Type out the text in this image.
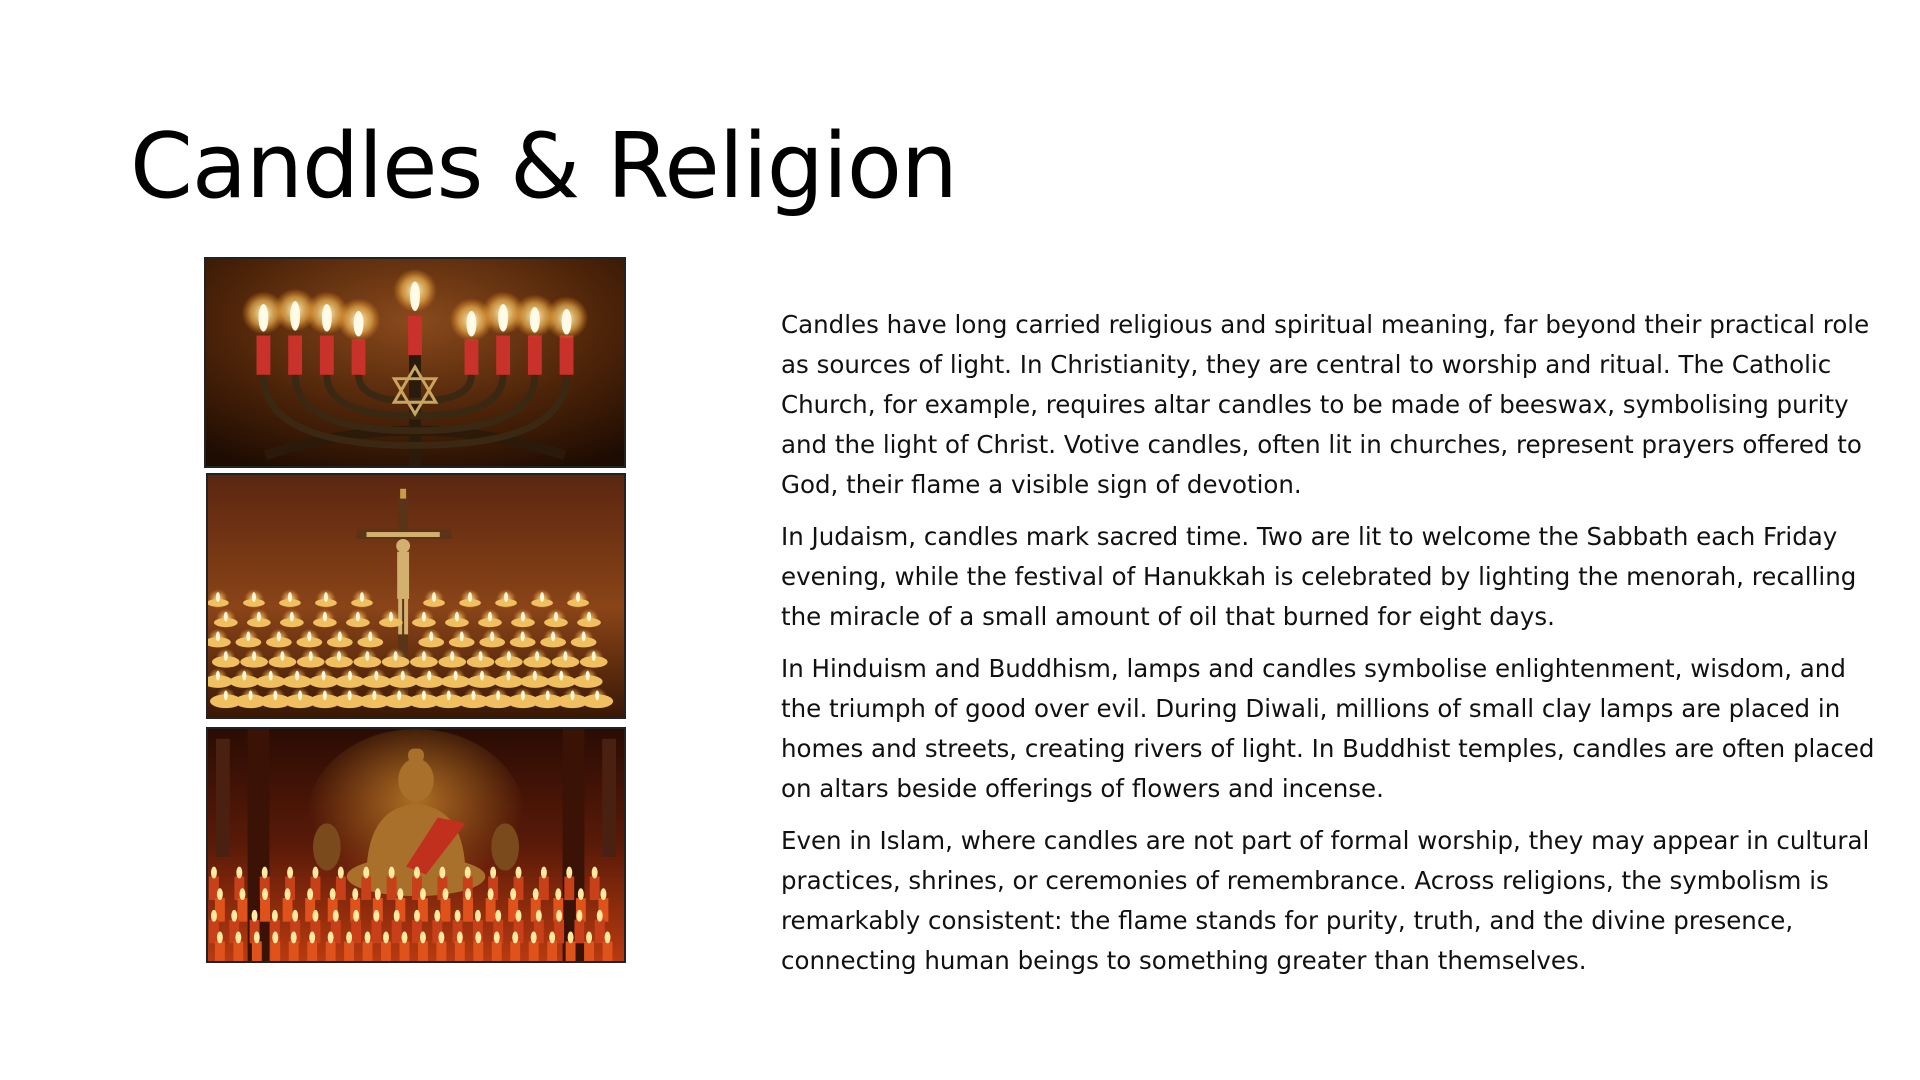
Candles & Religion

Candles have long carried religious and spiritual meaning, far beyond their practical role as sources of light. In Christianity, they are central to worship and ritual. The Catholic Church, for example, requires altar candles to be made of beeswax, symbolising purity and the light of Christ. Votive candles, often lit in churches, represent prayers offered to God, their flame a visible sign of devotion.

In Judaism, candles mark sacred time. Two are lit to welcome the Sabbath each Friday evening, while the festival of Hanukkah is celebrated by lighting the menorah, recalling the miracle of a small amount of oil that burned for eight days.

In Hinduism and Buddhism, lamps and candles symbolise enlightenment, wisdom, and the triumph of good over evil. During Diwali, millions of small clay lamps are placed in homes and streets, creating rivers of light. In Buddhist temples, candles are often placed on altars beside offerings of flowers and incense.

Even in Islam, where candles are not part of formal worship, they may appear in cultural practices, shrines, or ceremonies of remembrance. Across religions, the symbolism is remarkably consistent: the flame stands for purity, truth, and the divine presence, connecting human beings to something greater than themselves.
